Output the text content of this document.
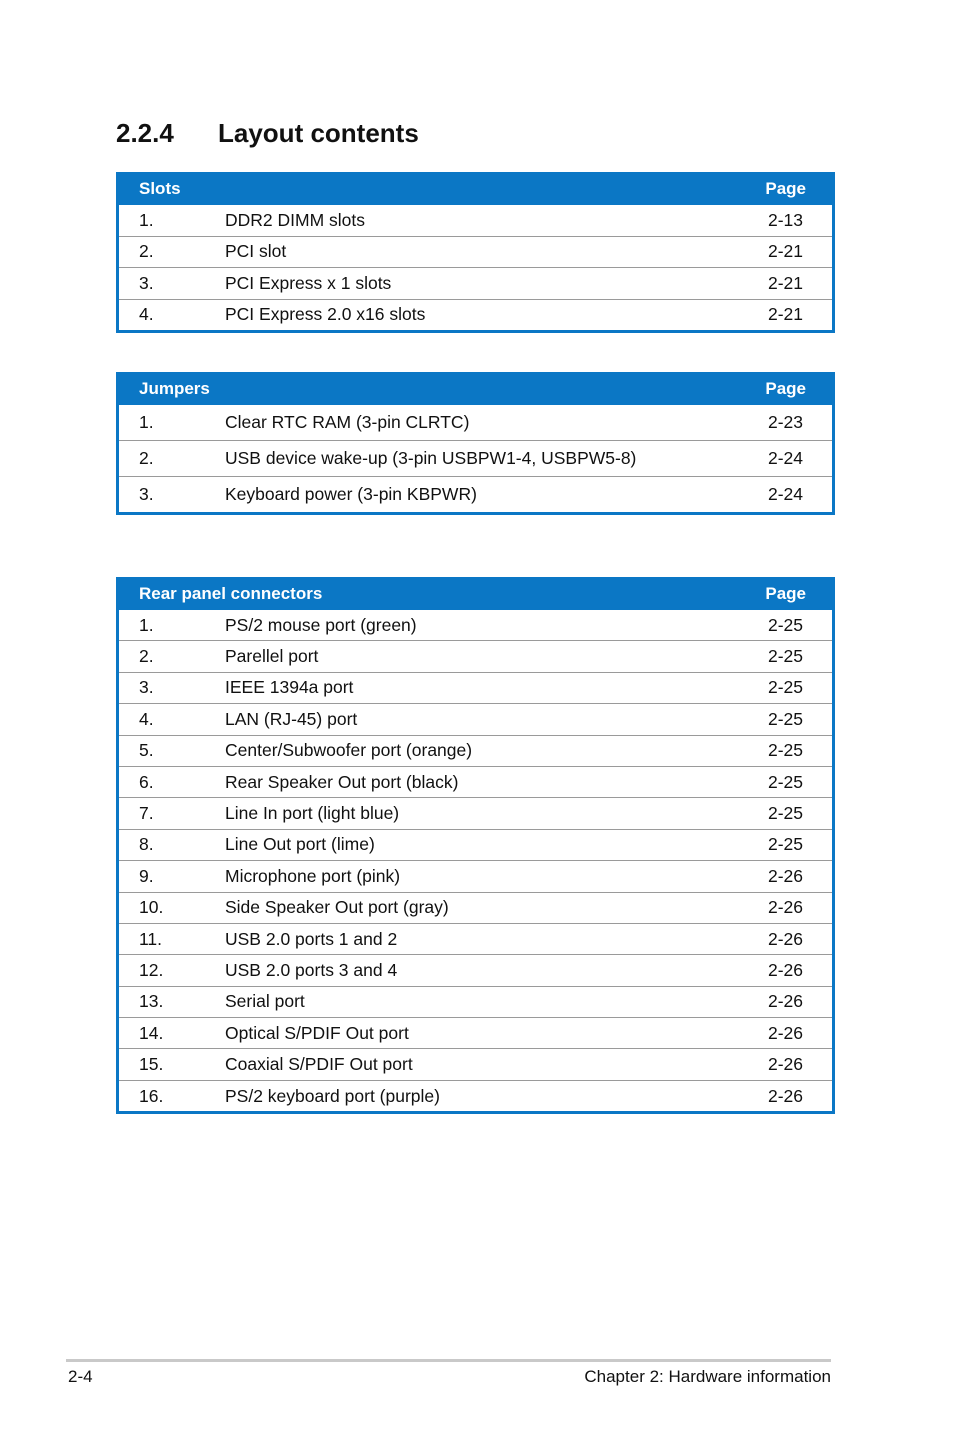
2.2.4	Layout contents
Slots	Page
1.	DDR2 DIMM slots	2-13
2.	PCI slot	2-21
3.	PCI Express x 1 slots	2-21
4.	PCI Express 2.0 x16 slots	2-21
Jumpers	Page
1.	Clear RTC RAM (3-pin CLRTC)	2-23
2.	USB device wake-up (3-pin USBPW1-4, USBPW5-8)	2-24
3.	Keyboard power (3-pin KBPWR)	2-24
Rear panel connectors	Page
1.	PS/2 mouse port (green)	2-25
2.	Parellel port	2-25
3.	IEEE 1394a port	2-25
4.	LAN (RJ-45) port	2-25
5.	Center/Subwoofer port (orange)	2-25
6.	Rear Speaker Out port (black)	2-25
7.	Line In port (light blue)	2-25
8.	Line Out port (lime)	2-25
9.	Microphone port (pink)	2-26
10.	Side Speaker Out port (gray)	2-26
11.	USB 2.0 ports 1 and 2	2-26
12.	USB 2.0 ports 3 and 4	2-26
13.	Serial port	2-26
14.	Optical S/PDIF Out port	2-26
15.	Coaxial S/PDIF Out port	2-26
16.	PS/2 keyboard port (purple)	2-26
2-4	Chapter 2: Hardware information
